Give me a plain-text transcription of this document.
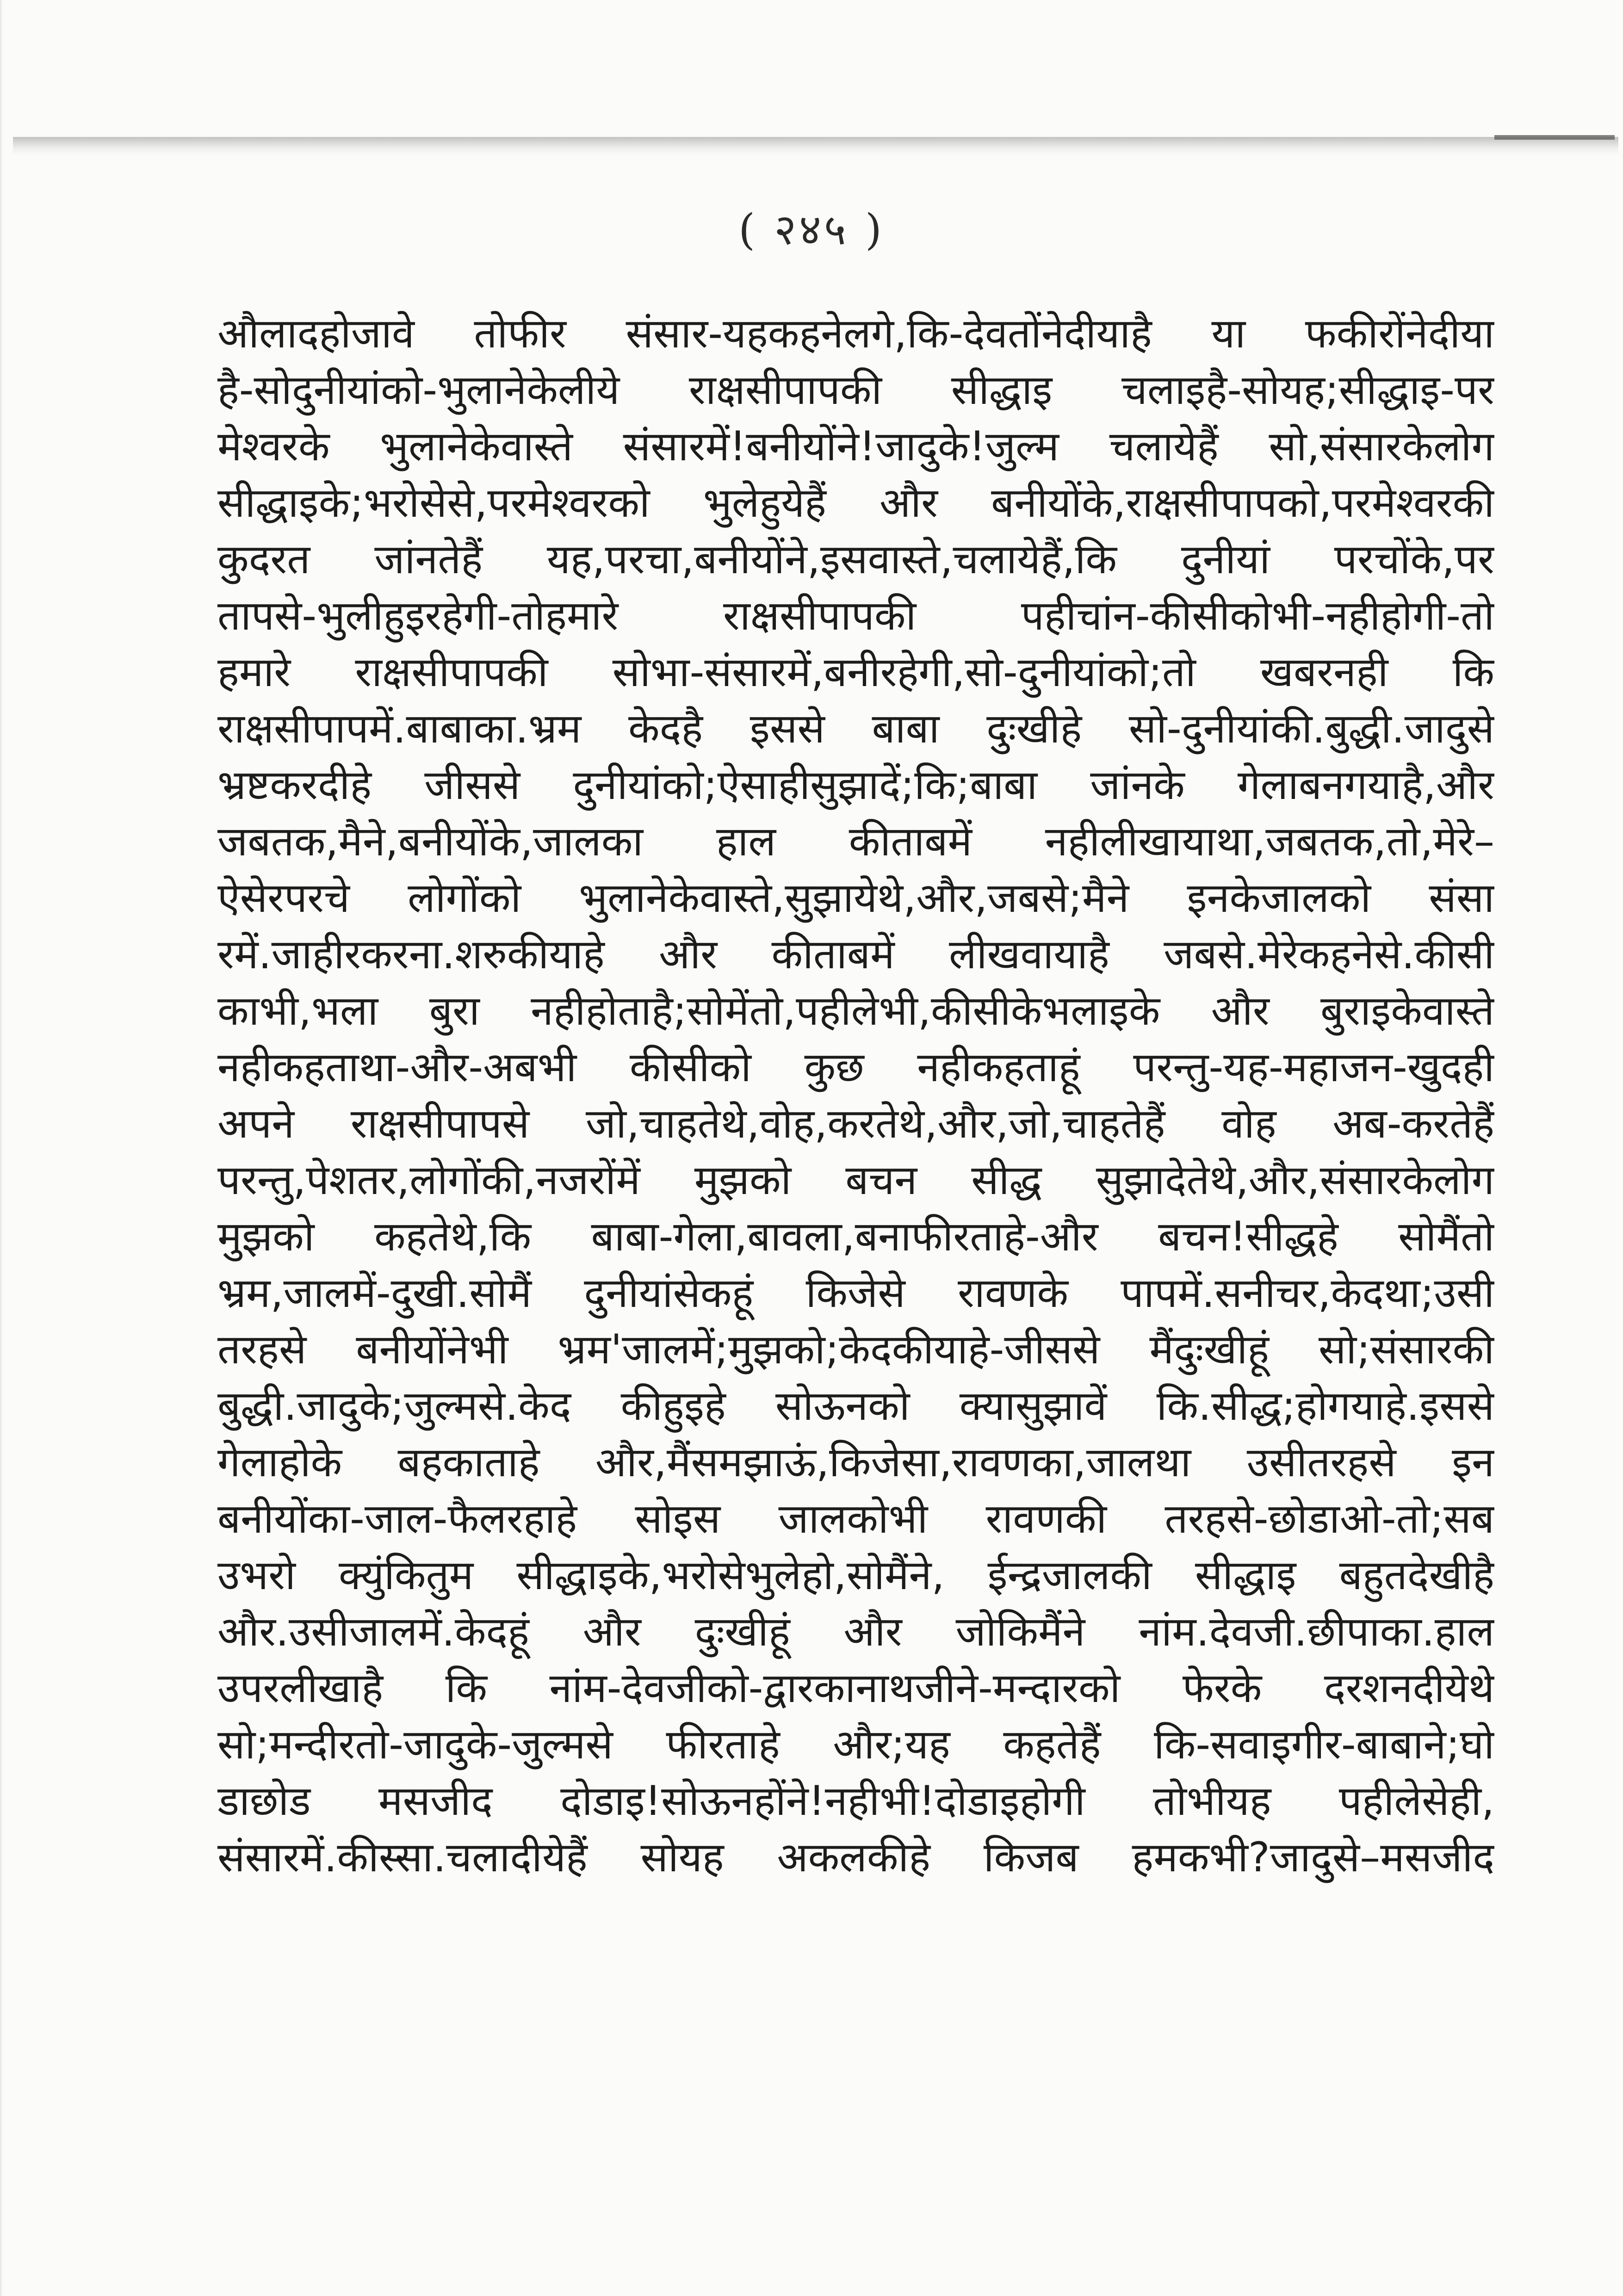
( २४५ )
औलादहोजावे तोफीर संसार-यहकहनेलगे,कि-देवतोंनेदीयाहै या फकीरोंनेदीया
है-सोदुनीयांको-भुलानेकेलीये राक्षसीपापकी सीद्धाइ चलाइहै-सोयह;सीद्धाइ-पर
मेश्वरके भुलानेकेवास्ते संसारमें!बनीयोंने!जादुके!जुल्म चलायेहैं सो,संसारकेलोग
सीद्धाइके;भरोसेसे,परमेश्वरको भुलेहुयेहैं और बनीयोंके,राक्षसीपापको,परमेश्वरकी
कुदरत जांनतेहैं यह,परचा,बनीयोंने,इसवास्ते,चलायेहैं,कि दुनीयां परचोंके,पर
तापसे-भुलीहुइरहेगी-तोहमारे राक्षसीपापकी पहीचांन-कीसीकोभी-नहीहोगी-तो
हमारे राक्षसीपापकी सोभा-संसारमें,बनीरहेगी,सो-दुनीयांको;तो खबरनही कि
राक्षसीपापमें.बाबाका.भ्रम केदहै इससे बाबा दुःखीहे सो-दुनीयांकी.बुद्धी.जादुसे
भ्रष्टकरदीहे जीससे दुनीयांको;ऐसाहीसुझादें;कि;बाबा जांनके गेलाबनगयाहै,और
जबतक,मैने,बनीयोंके,जालका हाल कीताबमें नहीलीखायाथा,जबतक,तो,मेरे–
ऐसेरपरचे लोगोंको भुलानेकेवास्ते,सुझायेथे,और,जबसे;मैने इनकेजालको संसा
रमें.जाहीरकरना.शरुकीयाहे और कीताबमें लीखवायाहै जबसे.मेरेकहनेसे.कीसी
काभी,भला बुरा नहीहोताहै;सोमेंतो,पहीलेभी,कीसीकेभलाइके और बुराइकेवास्ते
नहीकहताथा-और-अबभी कीसीको कुछ नहीकहताहूं परन्तु-यह-महाजन-खुदही
अपने राक्षसीपापसे जो,चाहतेथे,वोह,करतेथे,और,जो,चाहतेहैं वोह अब-करतेहैं
परन्तु,पेशतर,लोगोंकी,नजरोंमें मुझको बचन सीद्ध सुझादेतेथे,और,संसारकेलोग
मुझको कहतेथे,कि बाबा-गेला,बावला,बनाफीरताहे-और बचन!सीद्धहे सोमैंतो
भ्रम,जालमें-दुखी.सोमैं दुनीयांसेकहूं किजेसे रावणके पापमें.सनीचर,केदथा;उसी
तरहसे बनीयोंनेभी भ्रम'जालमें;मुझको;केदकीयाहे-जीससे मैंदुःखीहूं सो;संसारकी
बुद्धी.जादुके;जुल्मसे.केद कीहुइहे सोऊनको क्यासुझावें कि.सीद्ध;होगयाहे.इससे
गेलाहोके बहकाताहे और,मैंसमझाऊं,किजेसा,रावणका,जालथा उसीतरहसे इन
बनीयोंका-जाल-फैलरहाहे सोइस जालकोभी रावणकी तरहसे-छोडाओ-तो;सब
उभरो क्युंकितुम सीद्धाइके,भरोसेभुलेहो,सोमैंने, ईन्द्रजालकी सीद्धाइ बहुतदेखीहै
और.उसीजालमें.केदहूं और दुःखीहूं और जोकिमैंने नांम.देवजी.छीपाका.हाल
उपरलीखाहै कि नांम-देवजीको-द्वारकानाथजीने-मन्दारको फेरके दरशनदीयेथे
सो;मन्दीरतो-जादुके-जुल्मसे फीरताहे और;यह कहतेहैं कि-सवाइगीर-बाबाने;घो
डाछोड मसजीद दोडाइ!सोऊनहोंने!नहीभी!दोडाइहोगी तोभीयह पहीलेसेही,
संसारमें.कीस्सा.चलादीयेहैं सोयह अकलकीहे किजब हमकभी?जादुसे–मसजीद
